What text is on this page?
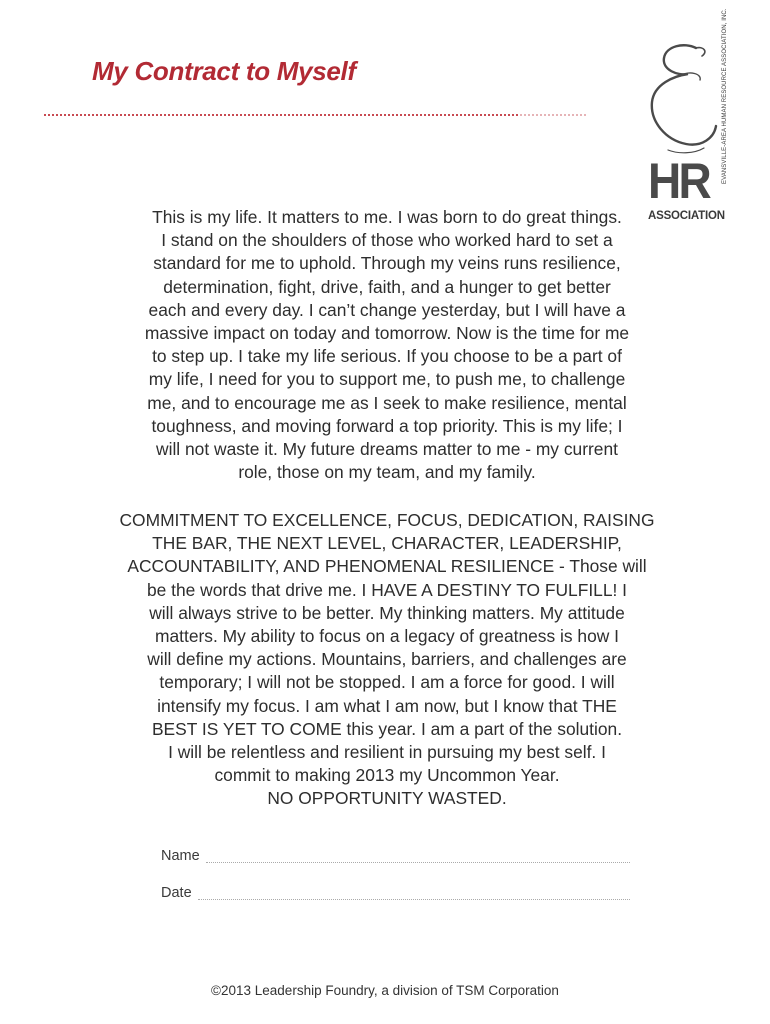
My Contract to Myself
HR
ASSOCIATION
EVANSVILLE-AREA HUMAN RESOURCE ASSOCIATION, INC.
This is my life. It matters to me. I was born to do great things.
I stand on the shoulders of those who worked hard to set a
standard for me to uphold. Through my veins runs resilience,
determination, fight, drive, faith, and a hunger to get better
each and every day. I can’t change yesterday, but I will have a
massive impact on today and tomorrow. Now is the time for me
to step up. I take my life serious. If you choose to be a part of
my life, I need for you to support me, to push me, to challenge
me, and to encourage me as I seek to make resilience, mental
toughness, and moving forward a top priority. This is my life; I
will not waste it. My future dreams matter to me - my current
role, those on my team, and my family.
COMMITMENT TO EXCELLENCE, FOCUS, DEDICATION, RAISING
THE BAR, THE NEXT LEVEL, CHARACTER, LEADERSHIP,
ACCOUNTABILITY, AND PHENOMENAL RESILIENCE - Those will
be the words that drive me. I HAVE A DESTINY TO FULFILL! I
will always strive to be better. My thinking matters. My attitude
matters. My ability to focus on a legacy of greatness is how I
will define my actions. Mountains, barriers, and challenges are
temporary; I will not be stopped. I am a force for good. I will
intensify my focus. I am what I am now, but I know that THE
BEST IS YET TO COME this year. I am a part of the solution.
I will be relentless and resilient in pursuing my best self. I
commit to making 2013 my Uncommon Year.
NO OPPORTUNITY WASTED.
Name
Date
©2013 Leadership Foundry, a division of TSM Corporation
